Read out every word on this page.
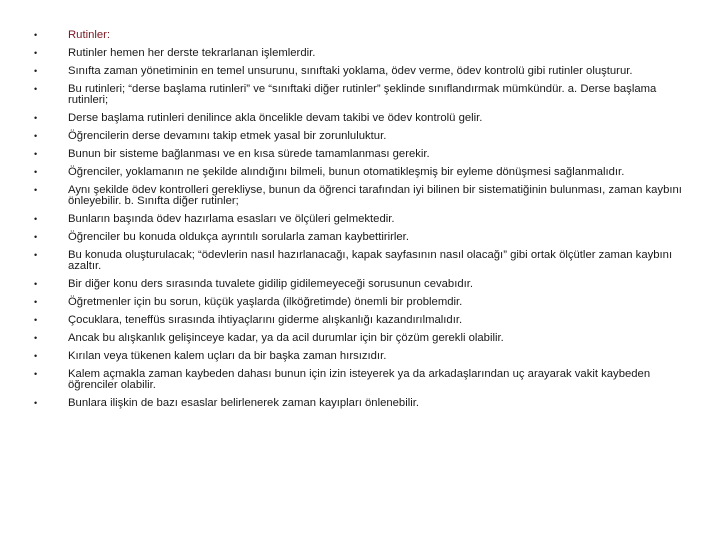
•	Rutinler:
•	Rutinler hemen her derste tekrarlanan işlemlerdir.
•	Sınıfta zaman yönetiminin en temel unsurunu, sınıftaki yoklama, ödev verme, ödev kontrolü gibi rutinler oluşturur.
•	Bu rutinleri; “derse başlama rutinleri” ve “sınıftaki diğer rutinler” şeklinde sınıflandırmak mümkündür. a. Derse başlama rutinleri;
•	Derse başlama rutinleri denilince akla öncelikle devam takibi ve ödev kontrolü gelir.
•	Öğrencilerin derse devamını takip etmek yasal bir zorunluluktur.
•	Bunun bir sisteme bağlanması ve en kısa sürede tamamlanması gerekir.
•	Öğrenciler, yoklamanın ne şekilde alındığını bilmeli, bunun otomatikleşmiş bir eyleme dönüşmesi sağlanmalıdır.
•	Aynı şekilde ödev kontrolleri gerekliyse, bunun da öğrenci tarafından iyi bilinen bir sistematiğinin bulunması, zaman kaybını önleyebilir. b. Sınıfta diğer rutinler;
•	Bunların başında ödev hazırlama esasları ve ölçüleri gelmektedir.
•	Öğrenciler bu konuda oldukça ayrıntılı sorularla zaman kaybettirirler.
•	Bu konuda oluşturulacak; “ödevlerin nasıl hazırlanacağı, kapak sayfasının nasıl olacağı” gibi ortak ölçütler zaman kaybını azaltır.
•	Bir diğer konu ders sırasında tuvalete gidilip gidilemeyeceği sorusunun cevabıdır.
•	Öğretmenler için bu sorun, küçük yaşlarda (ilköğretimde) önemli bir problemdir.
•	Çocuklara, teneffüs sırasında ihtiyaçlarını giderme alışkanlığı kazandırılmalıdır.
•	Ancak bu alışkanlık gelişinceye kadar, ya da acil durumlar için bir çözüm gerekli olabilir.
•	Kırılan veya tükenen kalem uçları da bir başka zaman hırsızıdır.
•	Kalem açmakla zaman kaybeden dahası bunun için izin isteyerek ya da arkadaşlarından uç arayarak vakit kaybeden öğrenciler olabilir.
•	Bunlara ilişkin de bazı esaslar belirlenerek zaman kayıpları önlenebilir.
